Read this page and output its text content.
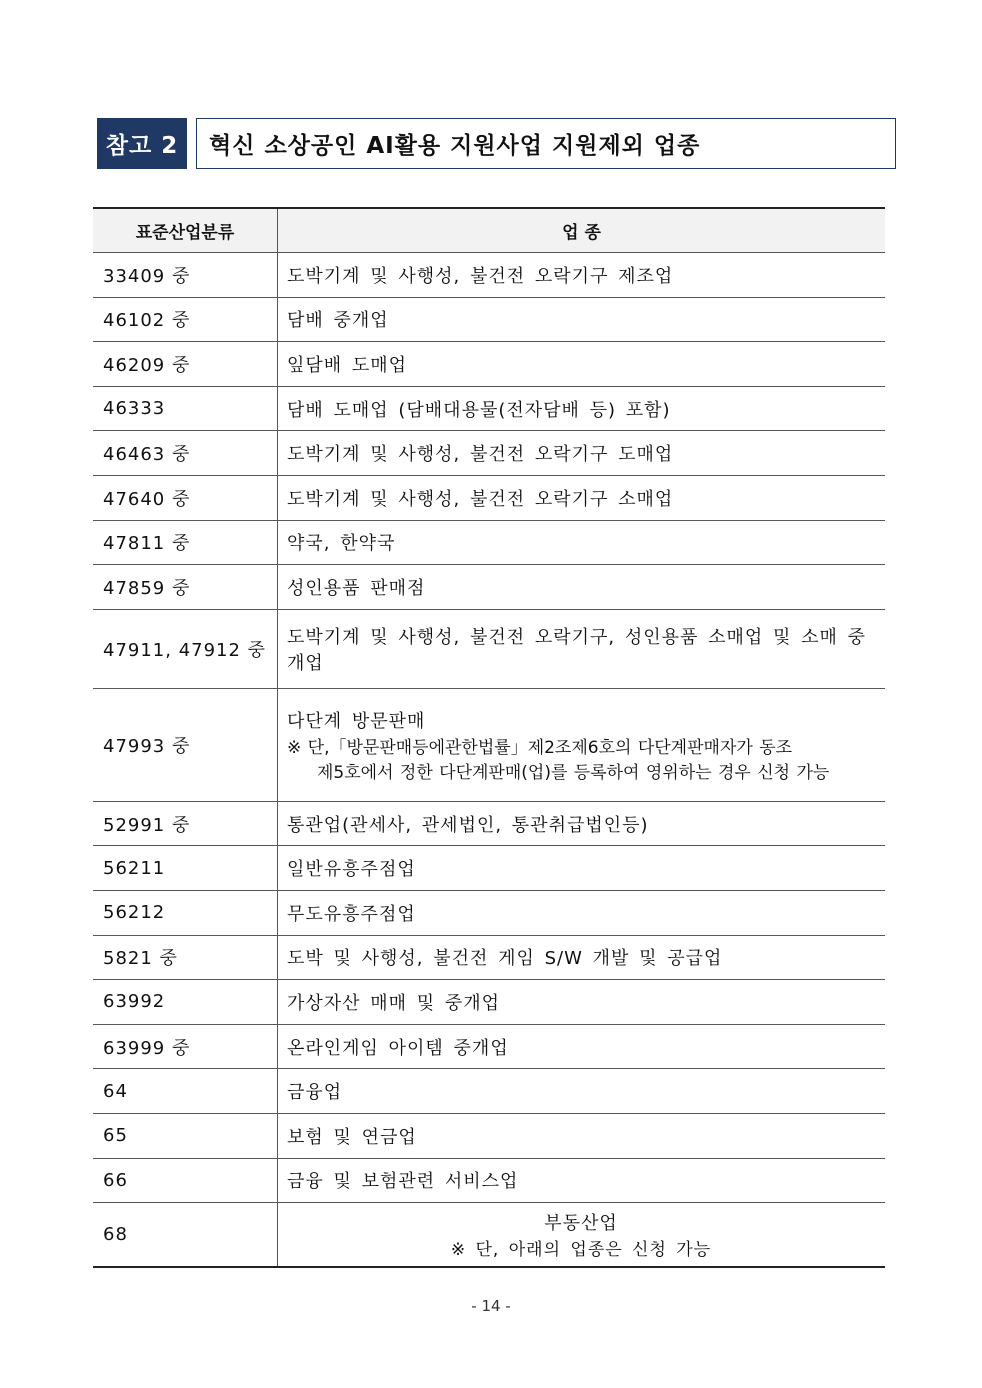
참고 2	혁신 소상공인 AI활용 지원사업 지원제외 업종
표준산업분류	업 종
33409 중	도박기계 및 사행성, 불건전 오락기구 제조업
46102 중	담배 중개업
46209 중	잎담배 도매업
46333	담배 도매업 (담배대용물(전자담배 등) 포함)
46463 중	도박기계 및 사행성, 불건전 오락기구 도매업
47640 중	도박기계 및 사행성, 불건전 오락기구 소매업
47811 중	약국, 한약국
47859 중	성인용품 판매점
47911, 47912 중	도박기계 및 사행성, 불건전 오락기구, 성인용품 소매업 및 소매 중개업
47993 중	다단계 방문판매
※ 단,「방문판매등에관한법률」제2조제6호의 다단계판매자가 동조
제5호에서 정한 다단계판매(업)를 등록하여 영위하는 경우 신청 가능

52991 중	통관업(관세사, 관세법인, 통관취급법인등)
56211	일반유흥주점업
56212	무도유흥주점업
5821 중	도박 및 사행성, 불건전 게임 S/W 개발 및 공급업
63992	가상자산 매매 및 중개업
63999 중	온라인게임 아이템 중개업
64	금융업
65	보험 및 연금업
66	금융 및 보험관련 서비스업
68	부동산업
※ 단, 아래의 업종은 신청 가능
- 14 -
